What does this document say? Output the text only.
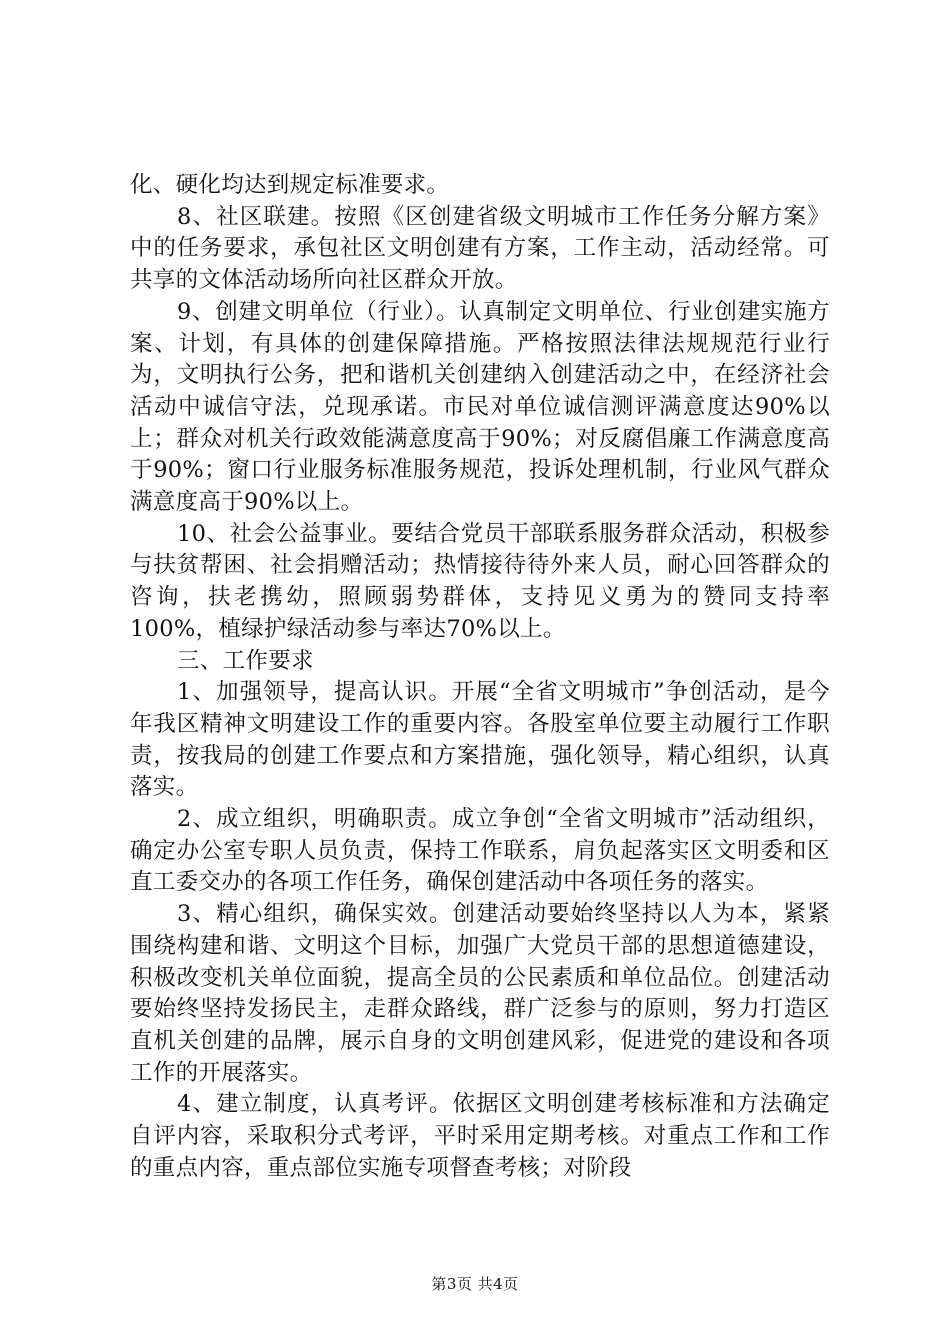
化、硬化均达到规定标准要求。

8、社区联建。按照《区创建省级文明城市工作任务分解方案》中的任务要求，承包社区文明创建有方案，工作主动，活动经常。可共享的文体活动场所向社区群众开放。

9、创建文明单位（行业）。认真制定文明单位、行业创建实施方案、计划，有具体的创建保障措施。严格按照法律法规规范行业行为，文明执行公务，把和谐机关创建纳入创建活动之中，在经济社会活动中诚信守法，兑现承诺。市民对单位诚信测评满意度达90%以上；群众对机关行政效能满意度高于90%；对反腐倡廉工作满意度高于90%；窗口行业服务标准服务规范，投诉处理机制，行业风气群众满意度高于90%以上。

10、社会公益事业。要结合党员干部联系服务群众活动，积极参与扶贫帮困、社会捐赠活动；热情接待待外来人员，耐心回答群众的咨询，扶老携幼，照顾弱势群体，支持见义勇为的赞同支持率100%，植绿护绿活动参与率达70%以上。

三、工作要求

1、加强领导，提高认识。开展“全省文明城市”争创活动，是今年我区精神文明建设工作的重要内容。各股室单位要主动履行工作职责，按我局的创建工作要点和方案措施，强化领导，精心组织，认真落实。

2、成立组织，明确职责。成立争创“全省文明城市”活动组织，确定办公室专职人员负责，保持工作联系，肩负起落实区文明委和区直工委交办的各项工作任务，确保创建活动中各项任务的落实。

3、精心组织，确保实效。创建活动要始终坚持以人为本，紧紧围绕构建和谐、文明这个目标，加强广大党员干部的思想道德建设，积极改变机关单位面貌，提高全员的公民素质和单位品位。创建活动要始终坚持发扬民主，走群众路线，群广泛参与的原则，努力打造区直机关创建的品牌，展示自身的文明创建风彩，促进党的建设和各项工作的开展落实。

4、建立制度，认真考评。依据区文明创建考核标准和方法确定自评内容，采取积分式考评，平时采用定期考核。对重点工作和工作的重点内容，重点部位实施专项督查考核；对阶段

第3页 共4页
